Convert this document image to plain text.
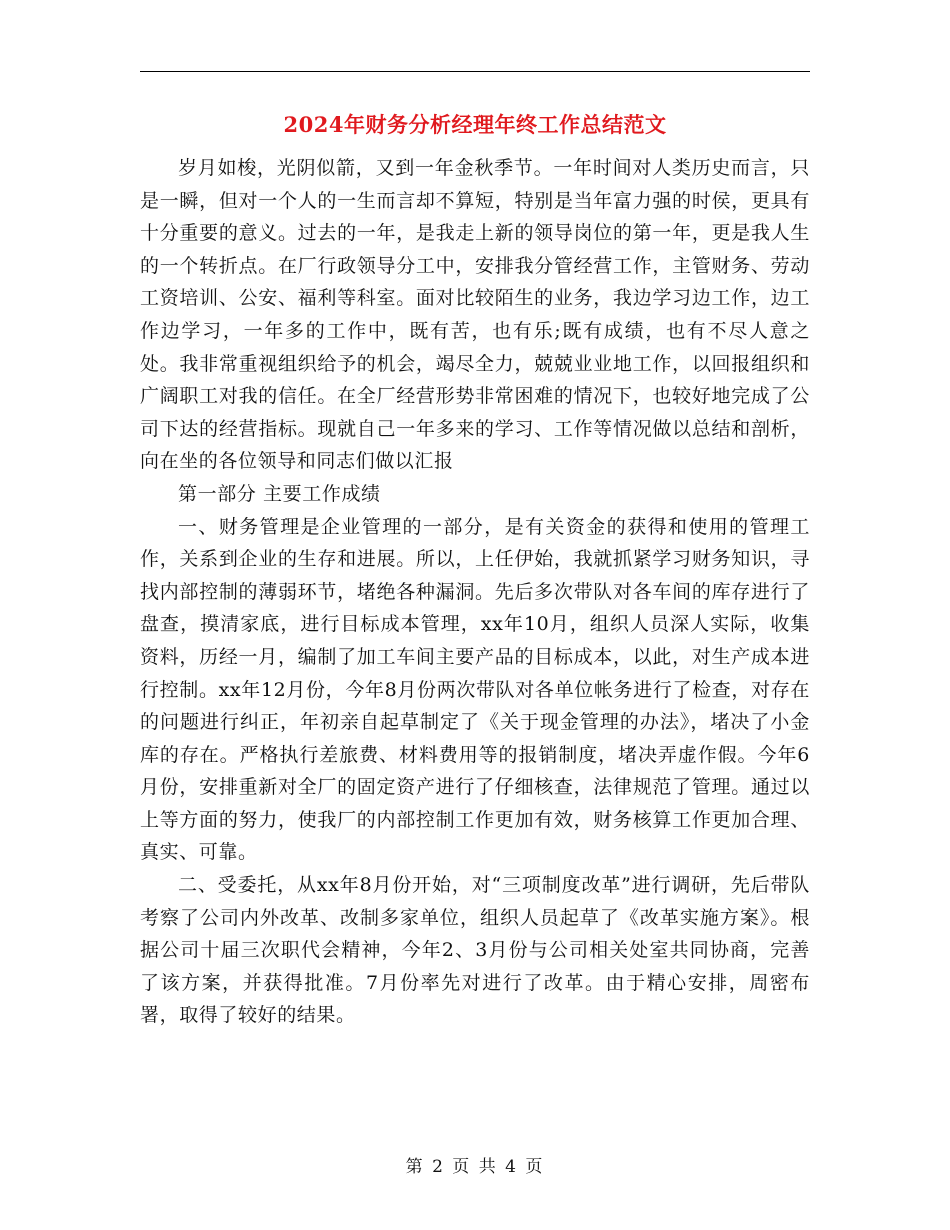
2024年财务分析经理年终工作总结范文

岁月如梭，光阴似箭，又到一年金秋季节。一年时间对人类历史而言，只是一瞬，但对一个人的一生而言却不算短，特别是当年富力强的时侯，更具有十分重要的意义。过去的一年，是我走上新的领导岗位的第一年，更是我人生的一个转折点。在厂行政领导分工中，安排我分管经营工作，主管财务、劳动工资培训、公安、福利等科室。面对比较陌生的业务，我边学习边工作，边工作边学习，一年多的工作中，既有苦，也有乐;既有成绩，也有不尽人意之处。我非常重视组织给予的机会，竭尽全力，兢兢业业地工作，以回报组织和广阔职工对我的信任。在全厂经营形势非常困难的情况下，也较好地完成了公司下达的经营指标。现就自己一年多来的学习、工作等情况做以总结和剖析，向在坐的各位领导和同志们做以汇报

第一部分 主要工作成绩

一、财务管理是企业管理的一部分，是有关资金的获得和使用的管理工作，关系到企业的生存和进展。所以，上任伊始，我就抓紧学习财务知识，寻找内部控制的薄弱环节，堵绝各种漏洞。先后多次带队对各车间的库存进行了盘查，摸清家底，进行目标成本管理，xx年10月，组织人员深人实际，收集资料，历经一月，编制了加工车间主要产品的目标成本，以此，对生产成本进行控制。xx年12月份，今年8月份两次带队对各单位帐务进行了检查，对存在的问题进行纠正，年初亲自起草制定了《关于现金管理的办法》，堵决了小金库的存在。严格执行差旅费、材料费用等的报销制度，堵决弄虚作假。今年6月份，安排重新对全厂的固定资产进行了仔细核查，法律规范了管理。通过以上等方面的努力，使我厂的内部控制工作更加有效，财务核算工作更加合理、真实、可靠。

二、受委托，从xx年8月份开始，对“三项制度改革”进行调研，先后带队考察了公司内外改革、改制多家单位，组织人员起草了《改革实施方案》。根据公司十届三次职代会精神，今年2、3月份与公司相关处室共同协商，完善了该方案，并获得批准。7月份率先对进行了改革。由于精心安排，周密布署，取得了较好的结果。

第 2 页 共 4 页
